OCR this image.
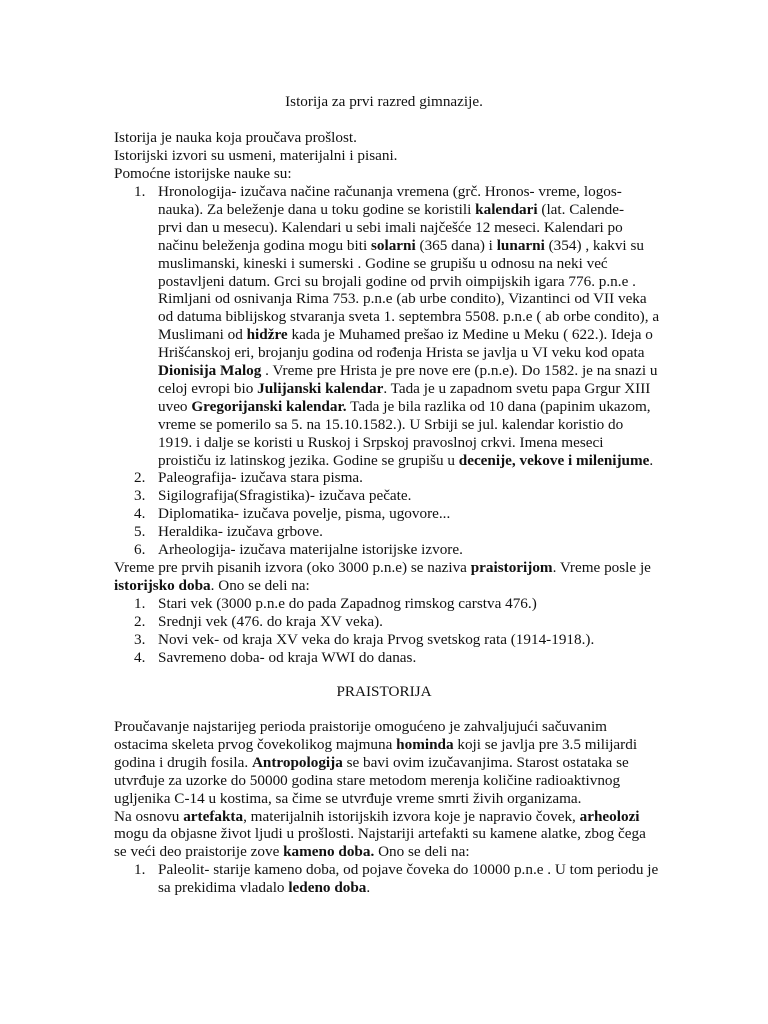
Istorija za prvi razred gimnazije.
Istorija je nauka koja proučava prošlost.
Istorijski izvori su usmeni, materijalni i pisani.
Pomoćne istorijske nauke su:
1. Hronologija- izučava načine računanja vremena (grč. Hronos- vreme, logos-
nauka). Za beleženje dana u toku godine se koristili kalendari (lat. Calende-
prvi dan u mesecu). Kalendari u sebi imali najčešće 12 meseci. Kalendari po
načinu beleženja godina mogu biti solarni (365 dana) i lunarni (354) , kakvi su
muslimanski, kineski i sumerski . Godine se grupišu u odnosu na neki već
postavljeni datum. Grci su brojali godine od prvih oimpijskih igara 776. p.n.e .
Rimljani od osnivanja Rima 753. p.n.e (ab urbe condito), Vizantinci od VII veka
od datuma biblijskog stvaranja sveta 1. septembra 5508. p.n.e ( ab orbe condito), a
Muslimani od hidžre kada je Muhamed prešao iz Medine u Meku ( 622.). Ideja o
Hrišćanskoj eri, brojanju godina od rođenja Hrista se javlja u VI veku kod opata
Dionisija Malog . Vreme pre Hrista je pre nove ere (p.n.e). Do 1582. je na snazi u
celoj evropi bio Julijanski kalendar. Tada je u zapadnom svetu papa Grgur XIII
uveo Gregorijanski kalendar. Tada je bila razlika od 10 dana (papinim ukazom,
vreme se pomerilo sa 5. na 15.10.1582.). U Srbiji se jul. kalendar koristio do
1919. i dalje se koristi u Ruskoj i Srpskoj pravoslnoj crkvi. Imena meseci
proističu iz latinskog jezika. Godine se grupišu u decenije, vekove i milenijume.
2. Paleografija- izučava stara pisma.
3. Sigilografija(Sfragistika)- izučava pečate.
4. Diplomatika- izučava povelje, pisma, ugovore...
5. Heraldika- izučava grbove.
6. Arheologija- izučava materijalne istorijske izvore.
Vreme pre prvih pisanih izvora (oko 3000 p.n.e) se naziva praistorijom. Vreme posle je
istorijsko doba. Ono se deli na:
1. Stari vek (3000 p.n.e do pada Zapadnog rimskog carstva 476.)
2. Srednji vek (476. do kraja XV veka).
3. Novi vek- od kraja XV veka do kraja Prvog svetskog rata (1914-1918.).
4. Savremeno doba- od kraja WWI do danas.
PRAISTORIJA
Proučavanje najstarijeg perioda praistorije omogućeno je zahvaljujući sačuvanim
ostacima skeleta prvog čovekolikog majmuna hominda koji se javlja pre 3.5 milijardi
godina i drugih fosila. Antropologija se bavi ovim izučavanjima. Starost ostataka se
utvrđuje za uzorke do 50000 godina stare metodom merenja količine radioaktivnog
ugljenika C-14 u kostima, sa čime se utvrđuje vreme smrti živih organizama.
Na osnovu artefakta, materijalnih istorijskih izvora koje je napravio čovek, arheolozi
mogu da objasne život ljudi u prošlosti. Najstariji artefakti su kamene alatke, zbog čega
se veći deo praistorije zove kameno doba. Ono se deli na:
1. Paleolit- starije kameno doba, od pojave čoveka do 10000 p.n.e . U tom periodu je
sa prekidima vladalo ledeno doba.
